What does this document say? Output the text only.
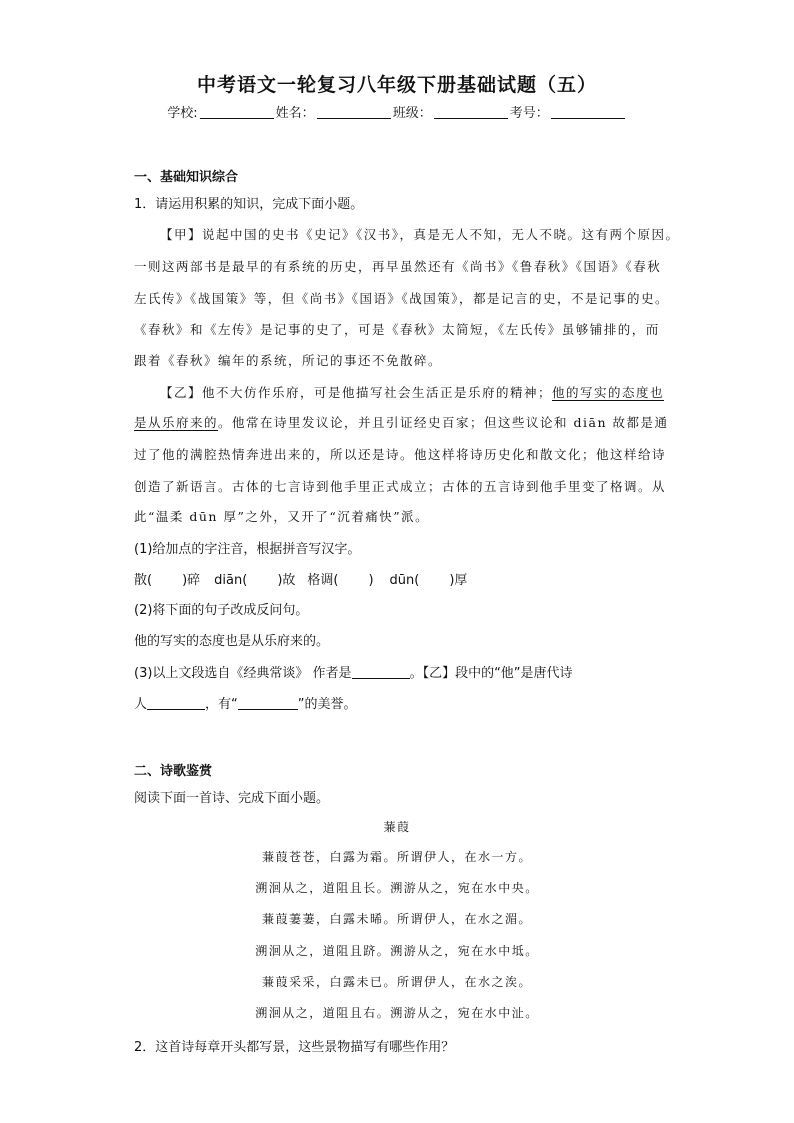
中考语文一轮复习八年级下册基础试题（五）
学校:	姓名：	班级：	考号：
一、基础知识综合
1．请运用积累的知识，完成下面小题。
【甲】说起中国的史书《史记》《汉书》，真是无人不知，无人不晓。这有两个原因。
一则这两部书是最早的有系统的历史，再早虽然还有《尚书》《鲁春秋》《国语》《春秋
左氏传》《战国策》等，但《尚书》《国语》《战国策》，都是记言的史，不是记事的史。
《春秋》和《左传》是记事的史了，可是《春秋》太简短，《左氏传》虽够铺排的，而
跟着《春秋》编年的系统，所记的事还不免散碎。
【乙】他不大仿作乐府，可是他描写社会生活正是乐府的精神；他的写实的态度也
是从乐府来的。他常在诗里发议论，并且引证经史百家；但这些议论和 diān 故都是通
过了他的满腔热情奔进出来的，所以还是诗。他这样将诗历史化和散文化；他这样给诗
创造了新语言。古体的七言诗到他手里正式成立；古体的五言诗到他手里变了格调。从
此“温柔 dūn 厚”之外，又开了“沉着痛快”派。
(1)给加点的字注音，根据拼音写汉字。
散( )碎 diān( )故 格调( ) dūn( )厚
(2)将下面的句子改成反问句。
他的写实的态度也是从乐府来的。
(3)以上文段选自《经典常谈》 作者是	。【乙】段中的“他”是唐代诗
人	，有“	”的美誉。
二、诗歌鉴赏
阅读下面一首诗、完成下面小题。
蒹葭
蒹葭苍苍，白露为霜。所谓伊人，在水一方。
溯洄从之，道阻且长。溯游从之，宛在水中央。
蒹葭萋萋，白露未晞。所谓伊人，在水之湄。
溯洄从之，道阻且跻。溯游从之，宛在水中坻。
蒹葭采采，白露未已。所谓伊人，在水之涘。
溯洄从之，道阻且右。溯游从之，宛在水中沚。
2．这首诗每章开头都写景，这些景物描写有哪些作用？
